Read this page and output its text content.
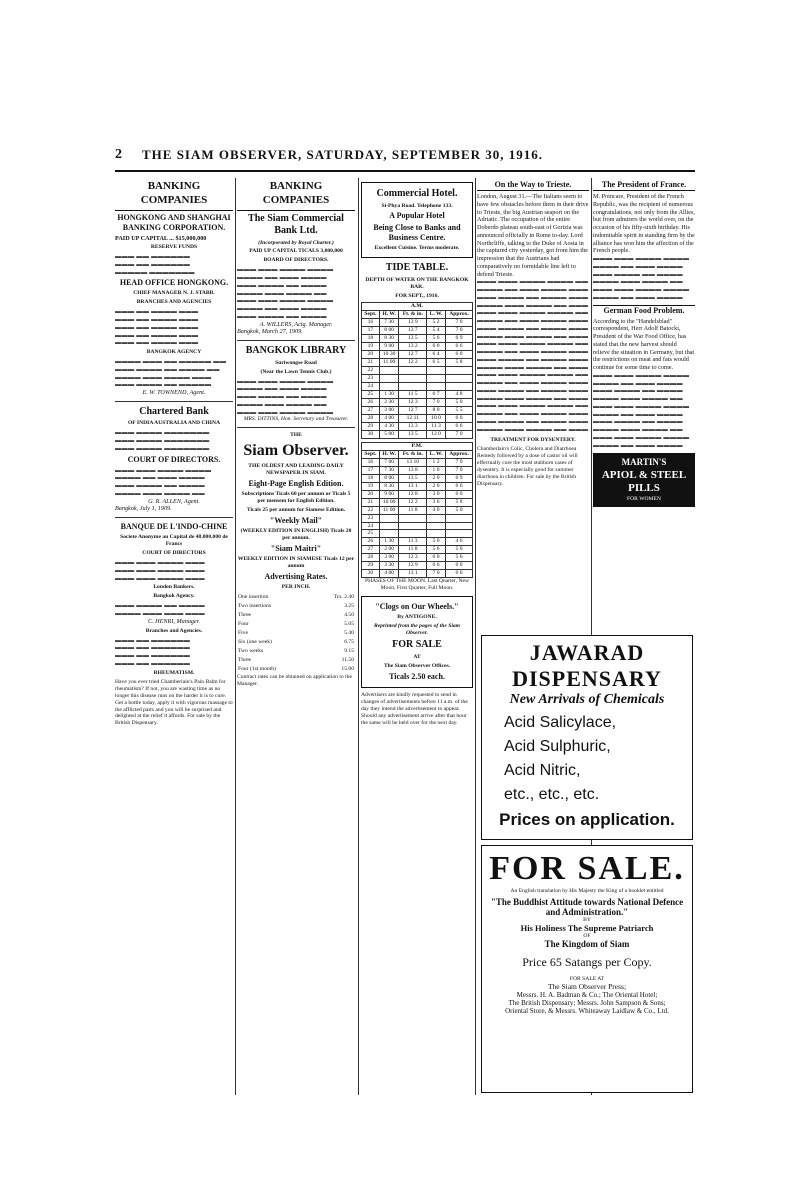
2 THE SIAM OBSERVER, SATURDAY, SEPTEMBER 30, 1916.
BANKING COMPANIES
HONGKONG AND SHANGHAI BANKING CORPORATION.
PAID UP CAPITAL ... $15,000,000
RESERVE FUNDS
▬▬▬ ▬▬ ▬▬▬▬▬▬
▬▬▬ ▬▬ ▬▬▬▬▬▬
▬▬▬▬▬ ▬▬▬▬▬▬▬
HEAD OFFICE HONGKONG.
CHIEF MANAGER N. J. STABB.
BRANCHES AND AGENCIES
▬▬▬ ▬▬ ▬▬▬▬ ▬▬▬
▬▬▬ ▬▬ ▬▬▬▬ ▬▬▬
▬▬▬ ▬▬ ▬▬▬▬ ▬▬▬
▬▬▬ ▬▬ ▬▬▬▬ ▬▬▬
▬▬▬ ▬▬ ▬▬▬▬ ▬▬▬
BANGKOK AGENCY
▬▬▬▬ ▬▬▬ ▬▬ ▬▬▬▬▬ ▬▬
▬▬▬ ▬▬▬▬ ▬▬ ▬▬▬▬ ▬▬
▬▬▬▬ ▬▬▬ ▬▬▬▬ ▬▬▬
▬▬▬ ▬▬▬▬ ▬▬ ▬▬▬▬▬
E. W. TOWNEND, Agent.
Chartered Bank
OF INDIA AUSTRALIA AND CHINA
▬▬▬ ▬▬▬▬ ▬▬▬▬▬▬▬
▬▬▬ ▬▬▬▬ ▬▬▬▬▬▬▬
▬▬▬ ▬▬▬▬ ▬▬▬▬▬▬▬
COURT OF DIRECTORS.
▬▬▬ ▬▬▬ ▬▬▬▬ ▬▬▬▬
▬▬▬▬ ▬▬ ▬▬▬ ▬▬▬▬
▬▬▬ ▬▬▬▬ ▬▬ ▬▬▬▬
▬▬▬▬ ▬▬▬ ▬▬▬▬ ▬▬
G. R. ALLEN, Agent.
Bangkok, July 1, 1909.
BANQUE DE L'INDO-CHINE
Societe Anonyme au Capital de 48.000.000 de Francs
COURT OF DIRECTORS
▬▬▬ ▬▬▬ ▬▬▬▬ ▬▬▬
▬▬▬ ▬▬▬ ▬▬▬▬ ▬▬▬
▬▬▬ ▬▬▬ ▬▬▬▬ ▬▬▬
London Bankers.
Bangkok Agency.
▬▬▬ ▬▬▬▬ ▬▬ ▬▬▬▬
▬▬▬▬ ▬▬▬ ▬▬▬ ▬▬▬
C. HENRI, Manager.
Branches and Agencies.
▬▬▬ ▬▬ ▬▬▬▬▬▬
▬▬▬ ▬▬ ▬▬▬▬▬▬
▬▬▬ ▬▬ ▬▬▬▬▬▬
▬▬▬ ▬▬ ▬▬▬▬▬▬
RHEUMATISM.
Have you ever tried Chamberlain's Pain Balm for rheumatism? If not, you are wasting time as no longer this disease runs on the harder it is to cure. Get a bottle today, apply it with vigorous massage to the afflicted parts and you will be surprised and delighted at the relief it affords. For sale by the British Dispensary.
BANKING COMPANIES
The Siam Commercial Bank Ltd.
(Incorporated by Royal Charter.)
PAID UP CAPITAL TICALS 3,000,000
BOARD OF DIRECTORS.
▬▬▬ ▬▬▬ ▬▬▬▬ ▬▬▬▬
▬▬▬▬ ▬▬ ▬▬▬ ▬▬▬▬
▬▬▬ ▬▬▬▬ ▬▬ ▬▬▬▬
▬▬▬▬ ▬▬▬ ▬▬▬▬ ▬▬
▬▬▬ ▬▬▬ ▬▬▬▬ ▬▬▬▬
▬▬▬▬ ▬▬ ▬▬▬ ▬▬▬▬
▬▬▬ ▬▬▬▬ ▬▬ ▬▬▬▬
A. WILLERS, Actg. Manager.
Bangkok, March 27, 1909.
BANGKOK LIBRARY
Suriwongse Road
(Near the Lawn Tennis Club.)
▬▬▬ ▬▬▬ ▬▬▬▬ ▬▬▬▬
▬▬▬▬ ▬▬ ▬▬▬ ▬▬▬▬
▬▬▬ ▬▬▬▬ ▬▬ ▬▬▬▬
▬▬▬▬ ▬▬▬ ▬▬▬▬ ▬▬
▬▬▬ ▬▬▬ ▬▬▬▬ ▬▬▬▬
MRS. DITTINS, Hon. Secretary and Treasurer.
THE
Siam Observer.
THE OLDEST AND LEADING DAILY NEWSPAPER IN SIAM.
Eight-Page English Edition.
Subscriptions Ticals 60 per annum or Ticals 5 per mensem for English Edition.
Ticals 25 per annum for Siamese Edition.
"Weekly Mail"
(WEEKLY EDITION IN ENGLISH) Ticals 20 per annum.
"Siam Maitri"
WEEKLY EDITION IN SIAMESE Ticals 12 per annum
Advertising Rates.
PER INCH.
One insertion	Tcs. 2.40
Two insertions	3.25
Three	4.50
Four	5.05
Five	5.40
Six (one week)	6.75
Two weeks	9.15
Three	11.50
Four (1st month)	15.00
Contract rates can be obtained on application to the Manager.
Commercial Hotel.
Si-Phya Road. Telephone 133.
A Popular Hotel
Being Close to Banks and Business Centre.
Excellent Cuisine. Terms moderate.
TIDE TABLE.
DEPTH OF WATER ON THE BANGKOK BAR.
FOR SEPT., 1916.
A.M.				
Sept.	H. W.	Ft. & in.	L. W.	Approx.
16	7 30	13 9	5 2	7 0
17	8 00	13 7	5 4	7 0
18	8 30	13 5	5 6	6 9
19	9 00	13 2	6 0	6 6
20	10 30	12 7	6 4	6 0
21	11 00	12 2	6 5	5 8
22				
23				
24				
25	1 30	11 5	6 7	4 8
26	2 30	12 3	7 0	5 0
27	3 00	12 7	8 0	5 5
28	4 00	12 11	10 0	6 0
29	4 30	13 3	11 3	6 6
30	5 00	13 5	12 0	7 0
P.M.				
Sept.	H. W.	Ft. & in.	L. W.	Approx.
16	7 00	13 10	1 2	7 0
17	7 30	13 8	1 6	7 0
18	8 00	13 5	2 0	6 9
19	8 30	13 1	2 6	6 6
20	9 00	12 8	3 0	6 0
21	10 00	12 2	3 6	5 8
22	11 00	11 8	4 0	5 0
23				
24				
25				
26	1 30	11 3	5 0	4 6
27	2 00	11 8	5 6	5 0
28	3 00	12 3	6 0	5 6
29	3 30	12 9	6 6	6 0
30	4 00	13 1	7 0	6 6
PHASES OF THE MOON. Last Quarter, New Moon, First Quarter, Full Moon.
"Clogs on Our Wheels."
By ANTIGONE.
Reprinted from the pages of the Siam Observer.
FOR SALE
AT
The Siam Observer Offices.
Ticals 2.50 each.
Advertisers are kindly requested to send in changes of advertisements before 11 a.m. of the day they intend the advertisement to appear. Should any advertisement arrive after that hour the same will be held over for the next day.
On the Way to Trieste.
London, August 31.—The Italians seem to have few obstacles before them in their drive to Trieste, the big Austrian seaport on the Adriatic. The occupation of the entire Doberdo plateau south-east of Gorizia was announced officially in Rome to-day. Lord Northcliffe, talking to the Duke of Aosta in the captured city yesterday, got from him the impression that the Austrians had comparatively no formidable line left to defend Trieste.
▬▬▬ ▬▬▬ ▬▬▬▬ ▬▬▬▬ ▬▬
▬▬▬▬ ▬▬ ▬▬▬ ▬▬▬▬ ▬▬▬
▬▬▬ ▬▬▬▬ ▬▬ ▬▬▬▬ ▬▬▬
▬▬▬▬ ▬▬▬ ▬▬▬▬ ▬▬ ▬▬▬
▬▬▬ ▬▬▬ ▬▬▬▬ ▬▬▬▬ ▬▬
▬▬▬▬ ▬▬ ▬▬▬ ▬▬▬▬ ▬▬▬
▬▬▬ ▬▬▬▬ ▬▬ ▬▬▬▬ ▬▬▬
▬▬▬▬ ▬▬▬ ▬▬▬▬ ▬▬ ▬▬▬
▬▬▬ ▬▬▬ ▬▬▬▬ ▬▬▬▬ ▬▬
▬▬▬▬ ▬▬ ▬▬▬ ▬▬▬▬ ▬▬▬
▬▬▬ ▬▬▬▬ ▬▬ ▬▬▬▬ ▬▬▬
▬▬▬▬ ▬▬▬ ▬▬▬▬ ▬▬ ▬▬▬
▬▬▬ ▬▬▬ ▬▬▬▬ ▬▬▬▬ ▬▬
▬▬▬▬ ▬▬ ▬▬▬ ▬▬▬▬ ▬▬▬
▬▬▬ ▬▬▬▬ ▬▬ ▬▬▬▬ ▬▬▬
▬▬▬▬ ▬▬▬ ▬▬▬▬ ▬▬ ▬▬▬
▬▬▬ ▬▬▬ ▬▬▬▬ ▬▬▬▬ ▬▬
▬▬▬▬ ▬▬ ▬▬▬ ▬▬▬▬ ▬▬▬
▬▬▬ ▬▬▬▬ ▬▬ ▬▬▬▬ ▬▬▬
▬▬▬▬ ▬▬▬ ▬▬▬▬ ▬▬ ▬▬▬
TREATMENT FOR DYSENTERY.
Chamberlain's Colic, Cholera and Diarrhoea Remedy followed by a dose of castor oil will effectually cure the most stubborn cases of dysentery. It is especially good for summer diarrhoea in children. For sale by the British Dispensary.
The President of France.
M. Poincare, President of the French Republic, was the recipient of numerous congratulations, not only from the Allies, but from admirers the world over, on the occasion of his fifty-sixth birthday. His indomitable spirit in standing firm by the alliance has won him the affection of the French people.
▬▬▬ ▬▬▬ ▬▬▬▬ ▬▬▬▬
▬▬▬▬ ▬▬ ▬▬▬ ▬▬▬▬
▬▬▬ ▬▬▬▬ ▬▬ ▬▬▬▬
▬▬▬▬ ▬▬▬ ▬▬▬▬ ▬▬
▬▬▬ ▬▬▬ ▬▬▬▬ ▬▬▬▬
▬▬▬▬ ▬▬ ▬▬▬ ▬▬▬▬
German Food Problem.
According to the "Handelsblad" correspondent, Herr Adolf Batocki, President of the War Food Office, has stated that the new harvest should relieve the situation in Germany, but that the restrictions on meat and fats would continue for some time to come.
▬▬▬ ▬▬▬ ▬▬▬▬ ▬▬▬▬
▬▬▬▬ ▬▬ ▬▬▬ ▬▬▬▬
▬▬▬ ▬▬▬▬ ▬▬ ▬▬▬▬
▬▬▬▬ ▬▬▬ ▬▬▬▬ ▬▬
▬▬▬ ▬▬▬ ▬▬▬▬ ▬▬▬▬
▬▬▬▬ ▬▬ ▬▬▬ ▬▬▬▬
▬▬▬ ▬▬▬▬ ▬▬ ▬▬▬▬
▬▬▬▬ ▬▬▬ ▬▬▬▬ ▬▬
▬▬▬ ▬▬▬ ▬▬▬▬ ▬▬▬▬
▬▬▬▬ ▬▬ ▬▬▬ ▬▬▬▬
MARTIN'S
APIOL & STEEL PILLS
FOR WOMEN
JAWARAD DISPENSARY
New Arrivals of Chemicals
Acid Salicylace,
Acid Sulphuric,
Acid Nitric,
etc., etc., etc.
Prices on application.
FOR SALE.
An English translation by His Majesty the King of a booklet entitled
"The Buddhist Attitude towards National Defence and Administration."
BY
His Holiness The Supreme Patriarch
OF
The Kingdom of Siam
Price 65 Satangs per Copy.
FOR SALE AT
The Siam Observer Press;
Messrs. H. A. Badman & Co.; The Oriental Hotel;
The British Dispensary; Messrs. John Sampson & Sons;
Oriental Store, & Messrs. Whiteaway Laidlaw & Co., Ltd.
